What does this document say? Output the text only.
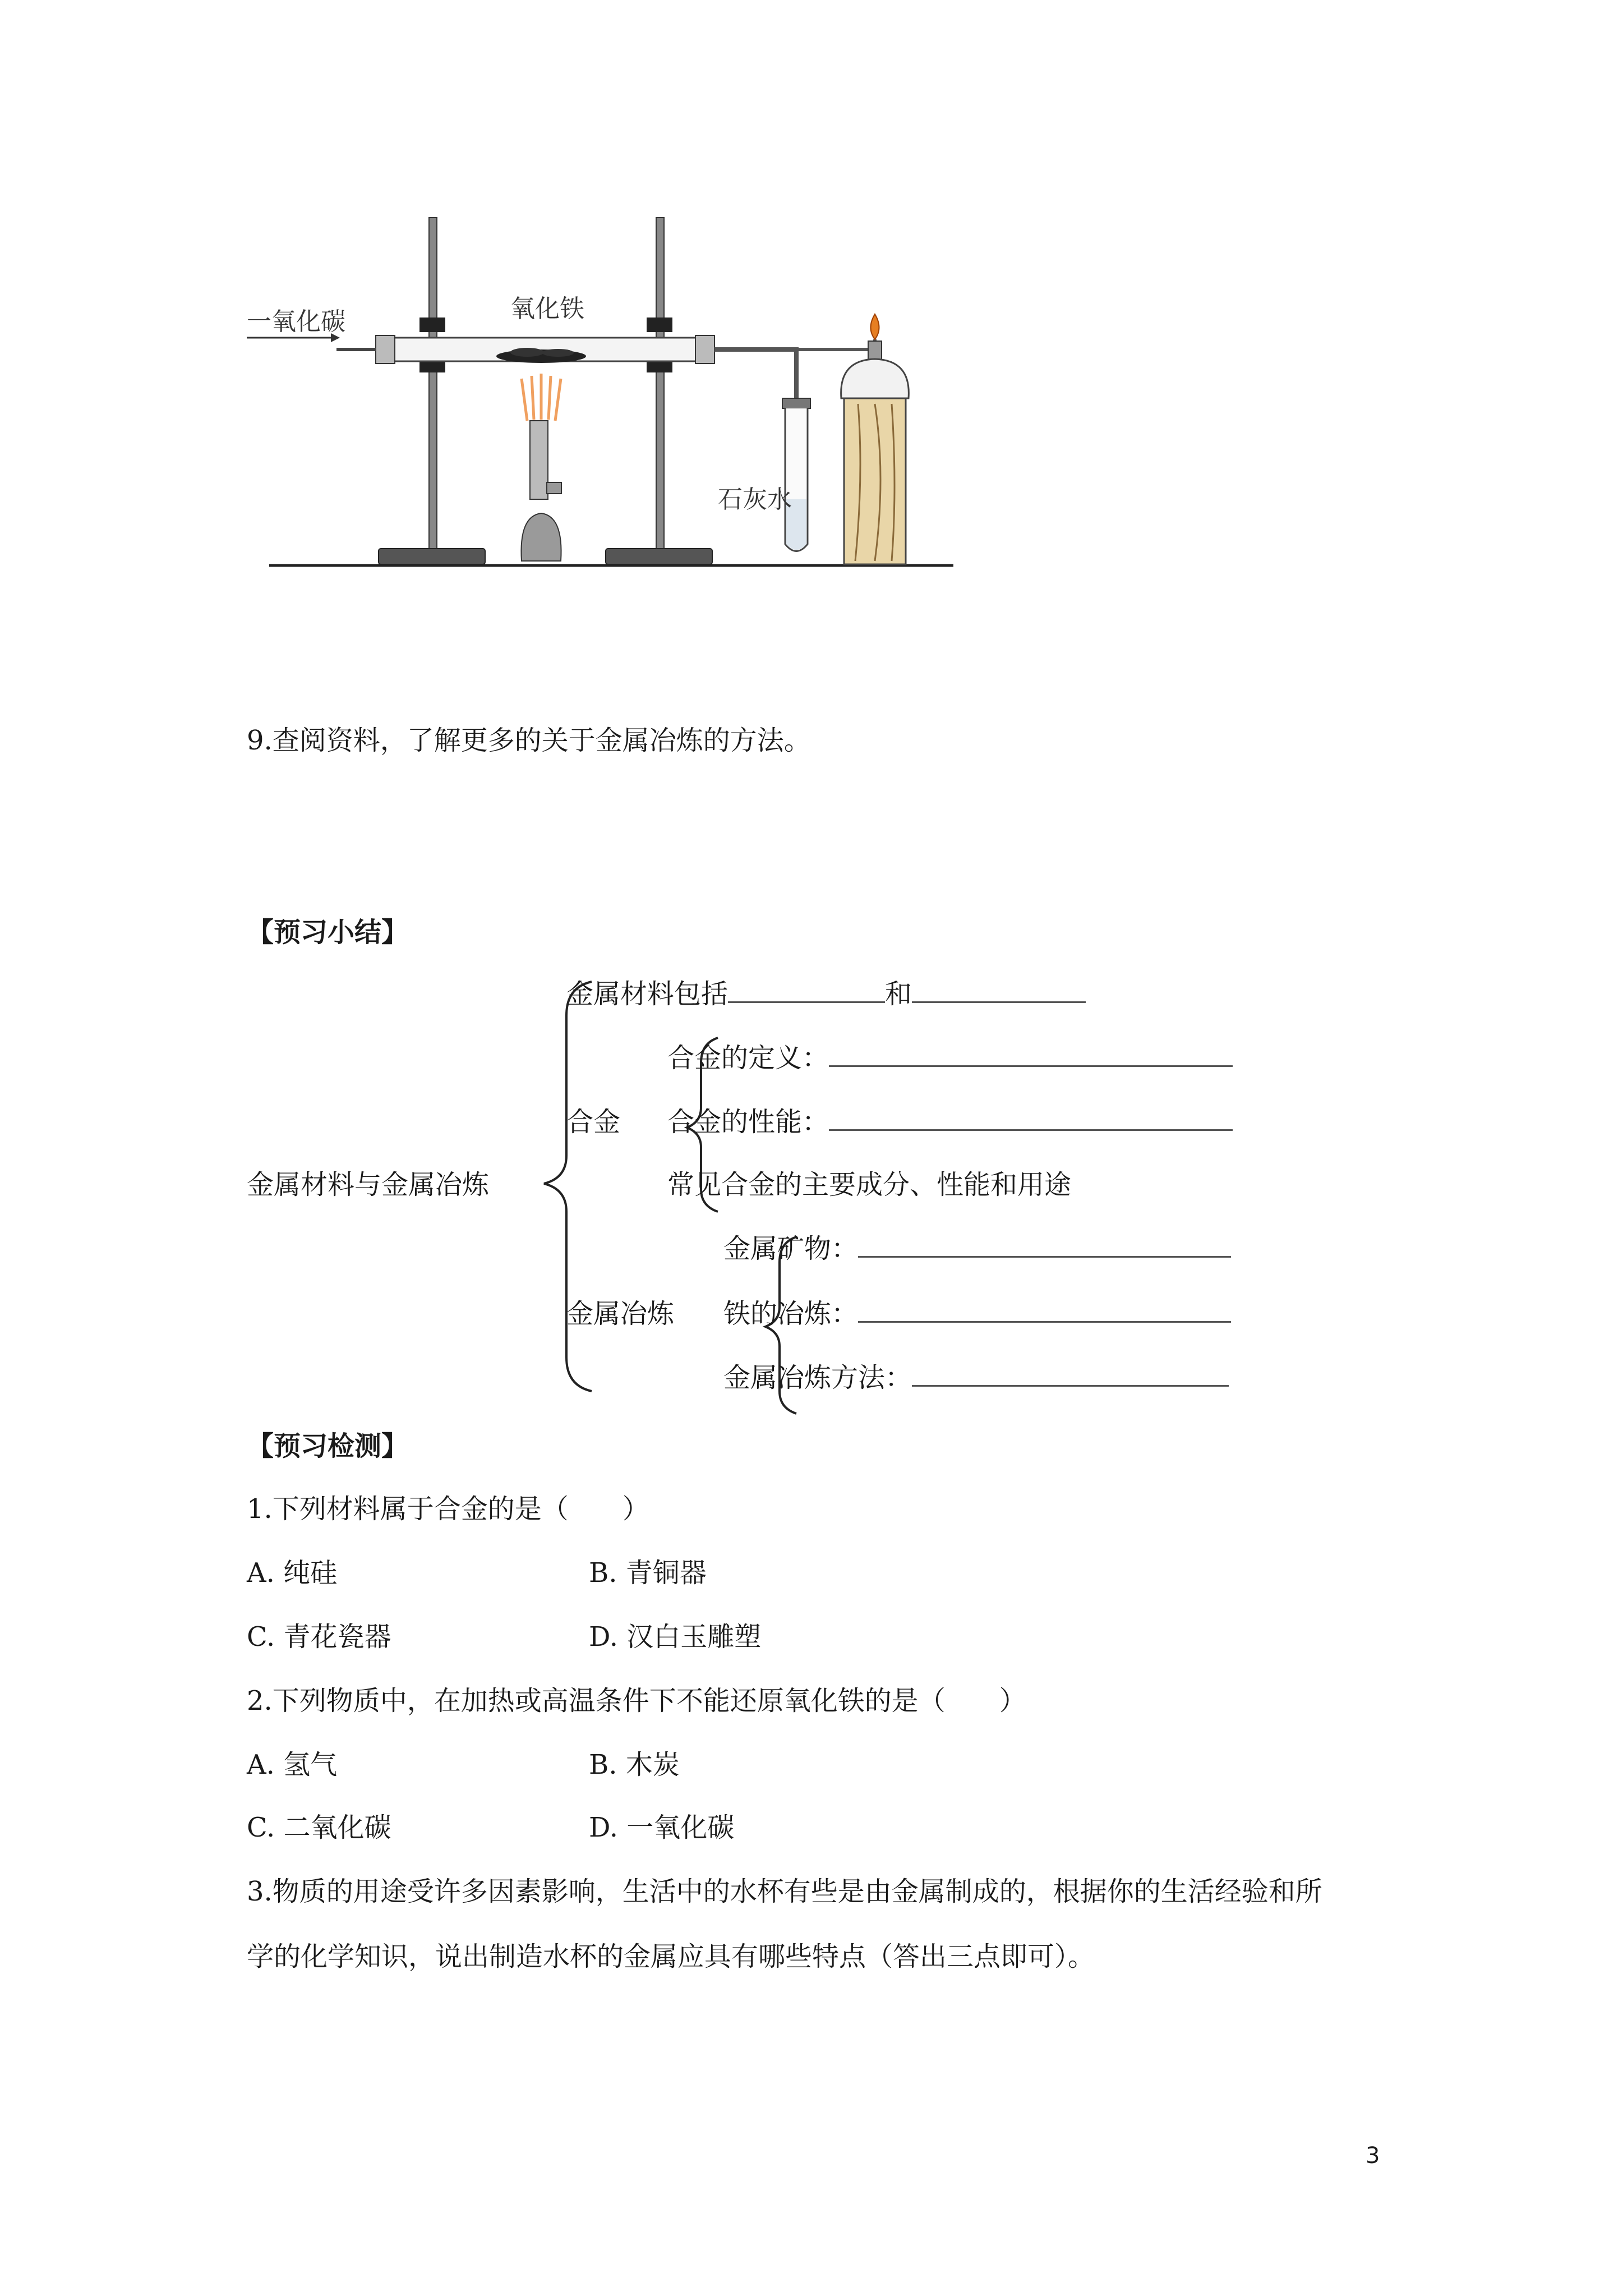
一氧化碳	氧化铁
石灰水
9.查阅资料，了解更多的关于金属冶炼的方法。
【预习小结】
金属材料与金属冶炼
金属材料包括	和
合金
合金的定义：
合金的性能：
常见合金的主要成分、性能和用途
金属冶炼
金属矿物：
铁的冶炼：
金属冶炼方法：
【预习检测】
1.下列材料属于合金的是（　　）
A. 纯硅	B. 青铜器
C. 青花瓷器	D. 汉白玉雕塑
2.下列物质中，在加热或高温条件下不能还原氧化铁的是（　　）
A. 氢气	B. 木炭
C. 二氧化碳	D. 一氧化碳
3.物质的用途受许多因素影响，生活中的水杯有些是由金属制成的，根据你的生活经验和所
学的化学知识，说出制造水杯的金属应具有哪些特点（答出三点即可）。
3
